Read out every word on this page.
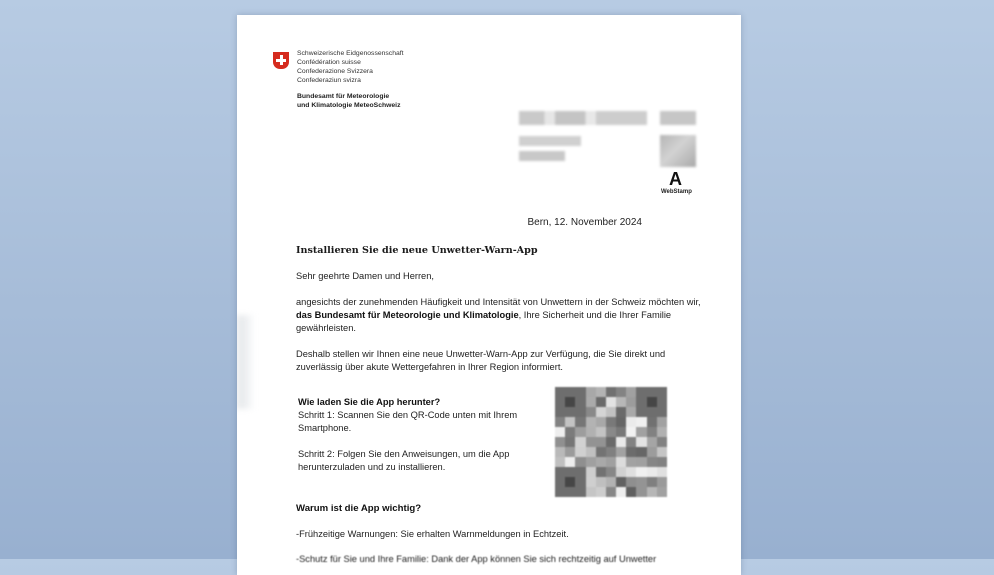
Schweizerische Eidgenossenschaft
Confédération suisse
Confederazione Svizzera
Confederaziun svizra
Bundesamt für Meteorologie
und Klimatologie MeteoSchweiz
A
WebStamp
Bern, 12. November 2024
Installieren Sie die neue Unwetter-Warn-App
Sehr geehrte Damen und Herren,
angesichts der zunehmenden Häufigkeit und Intensität von Unwettern in der Schweiz möchten wir, das Bundesamt für Meteorologie und Klimatologie, Ihre Sicherheit und die Ihrer Familie gewährleisten.
Deshalb stellen wir Ihnen eine neue Unwetter-Warn-App zur Verfügung, die Sie direkt und zuverlässig über akute Wettergefahren in Ihrer Region informiert.
Wie laden Sie die App herunter?
Schritt 1: Scannen Sie den QR-Code unten mit Ihrem Smartphone.
Schritt 2: Folgen Sie den Anweisungen, um die App herunterzuladen und zu installieren.
Warum ist die App wichtig?
-Frühzeitige Warnungen: Sie erhalten Warnmeldungen in Echtzeit.
-Schutz für Sie und Ihre Familie: Dank der App können Sie sich rechtzeitig auf Unwetter
